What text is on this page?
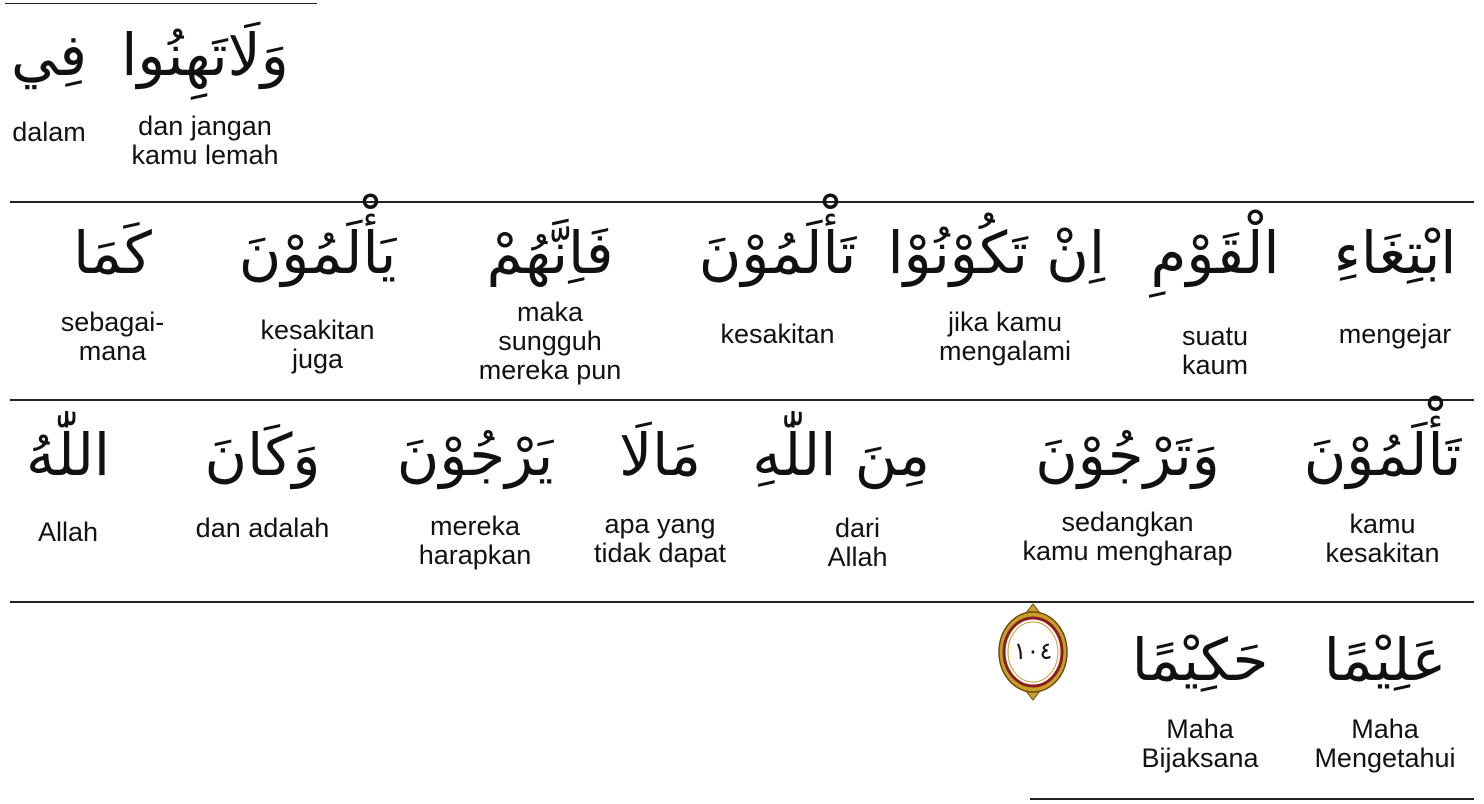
وَلَاتَهِنُوا
dan jangan
kamu lemah
فِي
dalam
ابْتِغَاءِ
mengejar
الْقَوْمِ
suatu
kaum
اِنْ تَكُوْنُوْا
jika kamu
mengalami
تَأْلَمُوْنَ
kesakitan
فَاِنَّهُمْ
maka
sungguh
mereka pun
يَأْلَمُوْنَ
kesakitan
juga
كَمَا
sebagai-
mana
تَأْلَمُوْنَ
kamu
kesakitan
وَتَرْجُوْنَ
sedangkan
kamu mengharap
مِنَ اللّٰهِ
dari
Allah
مَالَا
apa yang
tidak dapat
يَرْجُوْنَ
mereka
harapkan
وَكَانَ
dan adalah
اللّٰهُ
Allah
عَلِيْمًا
Maha
Mengetahui
حَكِيْمًا
Maha
Bijaksana
١٠٤
